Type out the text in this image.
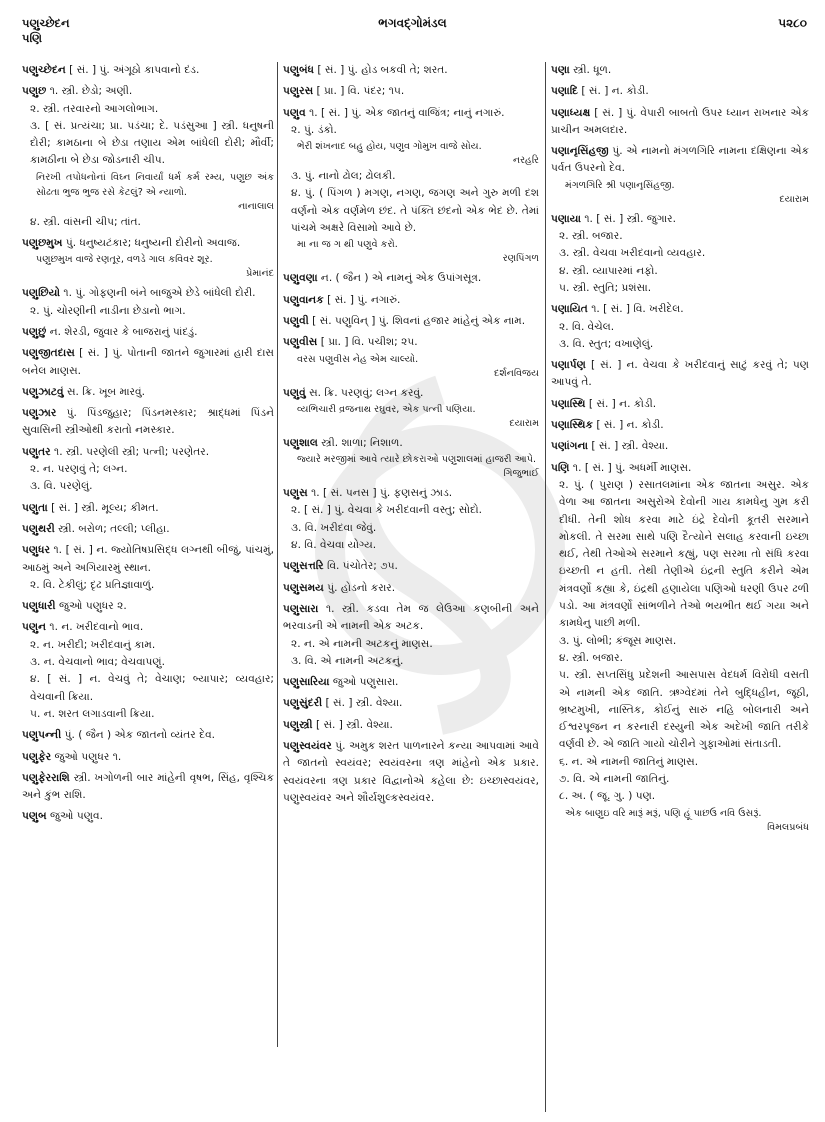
પણુચ્છેદન
પણિ
ભગવદ્ગોમંડલ	૫૨૮૦
પણુચ્છેદન [ સં. ] પું. અંગૂઠો કાપવાનો દંડ.
પણુછ ૧. સ્ત્રી. છેડો; અણી.
૨. સ્ત્રી. તરવારનો આગલોભાગ.
૩. [ સં. પ્રત્યંચા; પ્રા. પડંચા; દે. પડંસુઆ ] સ્ત્રી. ધનુષની દોરી; કામઠાના બે છેડા તણાય એમ બાંધેલી દોરી; મૌર્વી; કામઠીના બે છેડા જોડનારી ચીપ.
નિરખી તપોધનોનાં વિઘ્ન નિવાર્યાં ધર્મ કર્મ રમ્ય, પણુછ અંક સોઢતા ભુજ ભુજ રસે કેટલું? એ ન્યાળો.
નાનાલાલ
૪. સ્ત્રી. વાંસની ચીપ; તાંત.
પણુછમુખ પું. ધનુષ્યટંકાર; ધનુષ્યની દોરીનો અવાજ.
પણુછમુખ વાજે રણતૂર, વળડે ગાલ કવિવર શૂર.
પ્રેમાનંદ
પણુછિયો ૧. પું. ગોફણની બંને બાજુએ છેડે બાંધેલી દોરી.
૨. પું. ચોરણીની નાડીના છેડાનો ભાગ.
પણુછું ન. શેરડી, જુવાર કે બાજરાનું પાંદડું.
પણુજીતદાસ [ સં. ] પું. પોતાની જાતને જુગારમાં હારી દાસ બનેલ માણસ.
પણુઝાટવું સ. ક્રિ. ખૂબ મારવું.
પણુઝાર પું. પિંડજુહાર; પિંડનમસ્કાર; શ્રાદ્ધમાં પિંડને સુવાસિની સ્ત્રીઓથી કરાતો નમસ્કાર.
પણુતર ૧. સ્ત્રી. પરણેલી સ્ત્રી; પત્ની; પરણેતર.
૨. ન. પરણવું તે; લગ્ન.
૩. વિ. પરણેલું.
પણુતા [ સં. ] સ્ત્રી. મૂલ્ય; કીમત.
પણુથરી સ્ત્રી. બરોળ; તલ્લી; પ્લીહા.
પણુધર ૧. [ સં. ] ન. જ્યોતિષપ્રસિદ્ધ લગ્નથી બીજું, પાંચમું, આઠમું અને અગિયારમું સ્થાન.
૨. વિ. ટેકીલું; દૃઢ પ્રતિજ્ઞાવાળું.
પણુધારી જુઓ પણુધર ૨.
પણુન ૧. ન. ખરીદવાનો ભાવ.
૨. ન. ખરીદી; ખરીદવાનું કામ.
૩. ન. વેચવાનો ભાવ; વેચવાપણું.
૪. [ સં. ] ન. વેચવું તે; વેચાણ; બ્યાપાર; વ્યવહાર; વેચવાની ક્રિયા.
૫. ન. શરત લગાડવાની ક્રિયા.
પણુપન્ની પું. ( જૈન ) એક જાતનો વ્યંતર દેવ.
પણુફેર જુઓ પણુધર ૧.
પણુફેરરાશિ સ્ત્રી. ખગોળની બાર માંહેની વૃષભ, સિંહ, વૃશ્ચિક અને કુંભ રાશિ.
પણુબ જુઓ પણુવ.
પણુબંધ [ સં. ] પું. હોડ બકવી તે; શરત.
પણુરસ [ પ્રા. ] વિ. પંદર; ૧૫.
પણુવ ૧. [ સં. ] પું. એક જાતનું વાજિંત્ર; નાનું નગારું.
૨. પું. ડંકો.
ભેરી શંખનાદ બહુ હોય, પણુવ ગોમુખ વાજે સોય.
નરહરિ
૩. પું. નાનો ઢોલ; ઢોલકી.
૪. પું. ( પિંગળ ) મગણ, નગણ, જગણ અને ગુરુ મળી દશ વર્ણનો એક વર્ણમેળ છંદ. તે પંક્તિ છંદનો એક ભેદ છે. તેમાં પાંચમે અક્ષરે વિસામો આવે છે.
મા ના જ ગ થી પણુવે કરો.
રણપિંગળ
પણુવણા ન. ( જૈન ) એ નામનું એક ઉપાંગસૂત્ર.
પણુવાનક [ સં. ] પું. નગારું.
પણુવી [ સં. પણુવિન્ ] પું. શિવનાં હજાર માંહેનું એક નામ.
પણુવીસ [ પ્રા. ] વિ. પચીશ; ૨૫.
વરસ પણુવીસ નેહ એમ ચાલ્યો.
દર્શનવિજય
પણુવું સ. ક્રિ. પરણવું; લગ્ન કરવું.
વ્યભિચારી વ્રજનાથ રઘુવર, એક પત્ની પણિયા.
દયારામ
પણુશાલ સ્ત્રી. શાળા; નિશાળ.
જ્યારે મરજીમાં આવે ત્યારે છોકરાઓ પણુશાલમાં હાજરી આપે.
ગિજુભાઈ
પણુસ ૧. [ સં. પનસ ] પું. ફણસનું ઝાડ.
૨. [ સં. ] પું. વેચવા કે ખરીદવાની વસ્તુ; સોદો.
૩. વિ. ખરીદવા જેવું.
૪. વિ. વેચવા યોગ્ય.
પણુસત્તરિ વિ. પંચોતેર; ૭૫.
પણુસમય પું. હોડનો કરાર.
પણુસારા ૧. સ્ત્રી. કડવા તેમ જ લેઉઆ કણબીની અને ભરવાડની એ નામની એક અટક.
૨. ન. એ નામની અટકનું માણસ.
૩. વિ. એ નામની અટકનું.
પણુસારિયા જુઓ પણુસારા.
પણુસુંદરી [ સં. ] સ્ત્રી. વેશ્યા.
પણુસ્ત્રી [ સં. ] સ્ત્રી. વેશ્યા.
પણુસ્વયંવર પું. અમુક શરત પાળનારને કન્યા આપવામાં આવે તે જાતનો સ્વયંવર; સ્વયંવરના ત્રણ માંહેનો એક પ્રકાર. સ્વયંવરના ત્રણ પ્રકાર વિદ્વાનોએ કહેલા છે: ઇચ્છાસ્વયંવર, પણુસ્વયંવર અને શૌર્યશુલ્કસ્વયંવર.
પણા સ્ત્રી. ધૂળ.
પણાદિ [ સં. ] ન. કોડી.
પણાધ્યક્ષ [ સં. ] પું. વેપારી બાબતો ઉપર ધ્યાન રાખનાર એક પ્રાચીન અમલદાર.
પણાનૃસિંહજી પું. એ નામનો મંગળગિરિ નામના દક્ષિણના એક પર્વત ઉપરનો દેવ.
મંગળગિરિ શ્રી પણાનૃસિંહજી.
દયારામ
પણાયા ૧. [ સં. ] સ્ત્રી. જુગાર.
૨. સ્ત્રી. બજાર.
૩. સ્ત્રી. વેચવા ખરીદવાનો વ્યવહાર.
૪. સ્ત્રી. વ્યાપારમાં નફો.
૫. સ્ત્રી. સ્તુતિ; પ્રશંસા.
પણાયિત ૧. [ સં. ] વિ. ખરીદેલ.
૨. વિ. વેચેલ.
૩. વિ. સ્તુત; વખાણેલું.
પણાર્પણ [ સં. ] ન. વેચવા કે ખરીદવાનું સાટું કરવું તે; પણ આપવું તે.
પણાસ્થિ [ સં. ] ન. કોડી.
પણાસ્થિક [ સં. ] ન. કોડી.
પણાંગના [ સં. ] સ્ત્રી. વેશ્યા.
પણિ ૧. [ સં. ] પું. અધર્મી માણસ.
૨. પું. ( પુરાણ ) રસાતલમાંના એક જાતના અસુર. એક વેળા આ જાતના અસુરોએ દેવોની ગાય કામધેનુ ગુમ કરી દીધી. તેની શોધ કરવા માટે ઇંદ્રે દેવોની કૂતરી સરમાને મોકલી. તે સરમા સાથે પણિ દૈત્યોને સલાહ કરવાની ઇચ્છા થઈ, તેથી તેઓએ સરમાને કહ્યું, પણ સરમા તો સંધિ કરવા ઇચ્છતી ન હતી. તેથી તેણીએ ઇંદ્રની સ્તુતિ કરીને એમ મંત્રવર્ણો કહ્યા કે, ઇંદ્રથી હણાયેલા પણિઓ ધરણી ઉપર ઢળી પડો. આ મંત્રવર્ણો સાંભળીને તેઓ ભયભીત થઈ ગયા અને કામધેનુ પાછી મળી.
૩. પું. લોભી; કંજૂસ માણસ.
૪. સ્ત્રી. બજાર.
૫. સ્ત્રી. સપ્તસિંધુ પ્રદેશની આસપાસ વેદધર્મ વિરોધી વસતી એ નામની એક જાતિ. ઋગ્વેદમાં તેને બુદ્ધિહીન, જૂઠી, ભ્રષ્ટમુખી, નાસ્તિક, કોઈનું સારું નહિ બોલનારી અને ઈશ્વરપૂજન ન કરનારી દસ્યુની એક અદેખી જાતિ તરીકે વર્ણવી છે. એ જાતિ ગાયો ચોરીને ગુફાઓમાં સંતાડતી.
૬. ન. એ નામની જાતિનું માણસ.
૭. વિ. એ નામની જાતિનું.
૮. અ. ( જૂ. ગુ. ) પણ.
એક બાણુઇ વરિ મારૂં મરૂં, પણિ હૂં પાછઉ નવિ ઉસરૂં.
વિમલપ્રબંધ
